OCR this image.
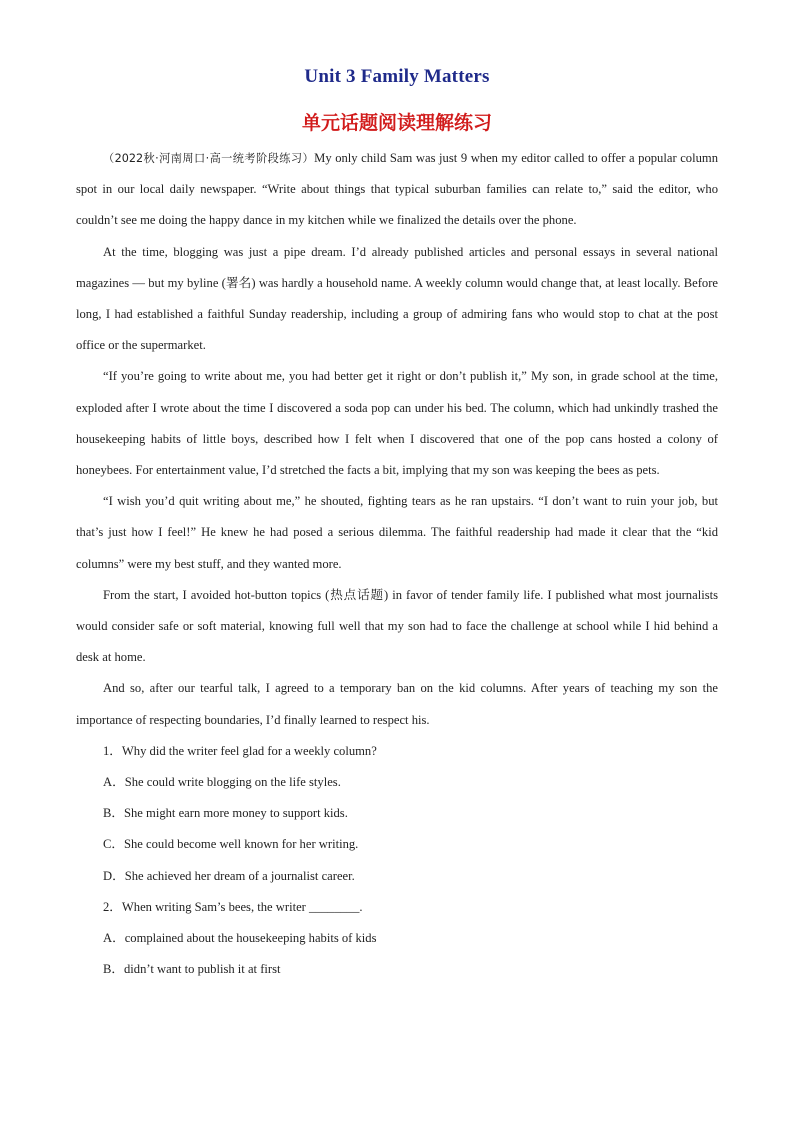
Unit 3 Family Matters
单元话题阅读理解练习

（2022秋·河南周口·高一统考阶段练习）My only child Sam was just 9 when my editor called to offer a popular column spot in our local daily newspaper. “Write about things that typical suburban families can relate to,” said the editor, who couldn’t see me doing the happy dance in my kitchen while we finalized the details over the phone.

At the time, blogging was just a pipe dream. I’d already published articles and personal essays in several national magazines — but my byline (署名) was hardly a household name. A weekly column would change that, at least locally. Before long, I had established a faithful Sunday readership, including a group of admiring fans who would stop to chat at the post office or the supermarket.

“If you’re going to write about me, you had better get it right or don’t publish it,” My son, in grade school at the time, exploded after I wrote about the time I discovered a soda pop can under his bed. The column, which had unkindly trashed the housekeeping habits of little boys, described how I felt when I discovered that one of the pop cans hosted a colony of honeybees. For entertainment value, I’d stretched the facts a bit, implying that my son was keeping the bees as pets.

“I wish you’d quit writing about me,” he shouted, fighting tears as he ran upstairs. “I don’t want to ruin your job, but that’s just how I feel!” He knew he had posed a serious dilemma. The faithful readership had made it clear that the “kid columns” were my best stuff, and they wanted more.

From the start, I avoided hot-button topics (热点话题) in favor of tender family life. I published what most journalists would consider safe or soft material, knowing full well that my son had to face the challenge at school while I hid behind a desk at home.

And so, after our tearful talk, I agreed to a temporary ban on the kid columns. After years of teaching my son the importance of respecting boundaries, I’d finally learned to respect his.

1．Why did the writer feel glad for a weekly column?

A．She could write blogging on the life styles.

B．She might earn more money to support kids.

C．She could become well known for her writing.

D．She achieved her dream of a journalist career.

2．When writing Sam’s bees, the writer ________.

A．complained about the housekeeping habits of kids

B．didn’t want to publish it at first
